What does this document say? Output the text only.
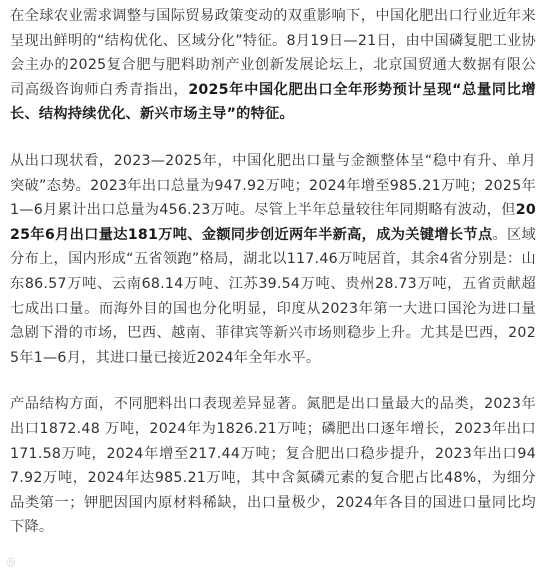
在全球农业需求调整与国际贸易政策变动的双重影响下，中国化肥出口行业近年来呈现出鲜明的“结构优化、区域分化”特征。8月19日—21日，由中国磷复肥工业协会主办的2025复合肥与肥料助剂产业创新发展论坛上，北京国贸通大数据有限公司高级咨询师白秀青指出，2025年中国化肥出口全年形势预计呈现“总量同比增长、结构持续优化、新兴市场主导”的特征。

从出口现状看，2023—2025年，中国化肥出口量与金额整体呈“稳中有升、单月突破”态势。2023年出口总量为947.92万吨；2024年增至985.21万吨；2025年1—6月累计出口总量为456.23万吨。尽管上半年总量较往年同期略有波动，但2025年6月出口量达181万吨、金额同步创近两年半新高，成为关键增长节点。区域分布上，国内形成“五省领跑”格局，湖北以117.46万吨居首，其余4省分别是：山东86.57万吨、云南68.14万吨、江苏39.54万吨、贵州28.73万吨，五省贡献超七成出口量。而海外目的国也分化明显，印度从2023年第一大进口国沦为进口量急剧下滑的市场，巴西、越南、菲律宾等新兴市场则稳步上升。尤其是巴西，2025年1—6月，其进口量已接近2024年全年水平。

产品结构方面，不同肥料出口表现差异显著。氮肥是出口量最大的品类，2023年出口1872.48 万吨，2024年为1826.21万吨；磷肥出口逐年增长，2023年出口171.58万吨，2024年增至217.44万吨；复合肥出口稳步提升，2023年出口947.92万吨，2024年达985.21万吨，其中含氮磷元素的复合肥占比48%，为细分品类第一；钾肥因国内原材料稀缺，出口量极少，2024年各目的国进口量同比均下降。

◎
